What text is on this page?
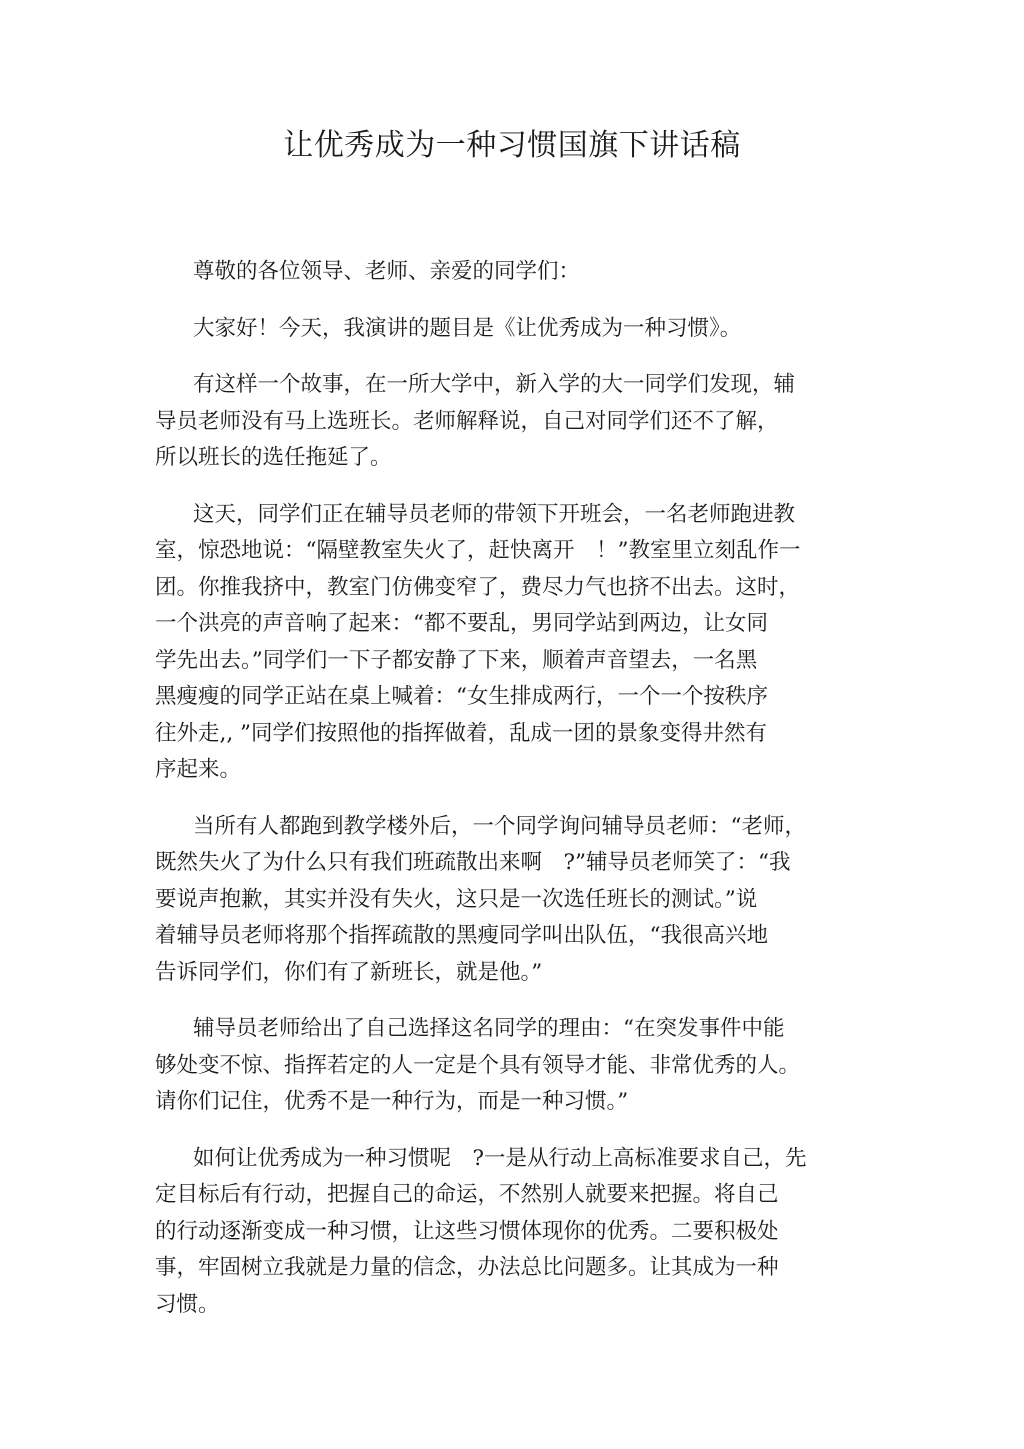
让优秀成为一种习惯国旗下讲话稿

尊敬的各位领导、老师、亲爱的同学们：

大家好！今天，我演讲的题目是《让优秀成为一种习惯》。

有这样一个故事，在一所大学中，新入学的大一同学们发现，辅
导员老师没有马上选班长。老师解释说，自己对同学们还不了解，
所以班长的选任拖延了。

这天，同学们正在辅导员老师的带领下开班会，一名老师跑进教
室，惊恐地说：“隔壁教室失火了，赶快离开　！”教室里立刻乱作一
团。你推我挤中，教室门仿佛变窄了，费尽力气也挤不出去。这时，
一个洪亮的声音响了起来：“都不要乱，男同学站到两边，让女同
学先出去。”同学们一下子都安静了下来，顺着声音望去，一名黑
黑瘦瘦的同学正站在桌上喊着：“女生排成两行，一个一个按秩序
往外走,, ”同学们按照他的指挥做着，乱成一团的景象变得井然有
序起来。

当所有人都跑到教学楼外后，一个同学询问辅导员老师：“老师，
既然失火了为什么只有我们班疏散出来啊　?”辅导员老师笑了：“我
要说声抱歉，其实并没有失火，这只是一次选任班长的测试。”说
着辅导员老师将那个指挥疏散的黑瘦同学叫出队伍，“我很高兴地
告诉同学们，你们有了新班长，就是他。”

辅导员老师给出了自己选择这名同学的理由：“在突发事件中能
够处变不惊、指挥若定的人一定是个具有领导才能、非常优秀的人。
请你们记住，优秀不是一种行为，而是一种习惯。”

如何让优秀成为一种习惯呢　?一是从行动上高标准要求自己，先
定目标后有行动，把握自己的命运，不然别人就要来把握。将自己
的行动逐渐变成一种习惯，让这些习惯体现你的优秀。二要积极处
事，牢固树立我就是力量的信念，办法总比问题多。让其成为一种
习惯。
